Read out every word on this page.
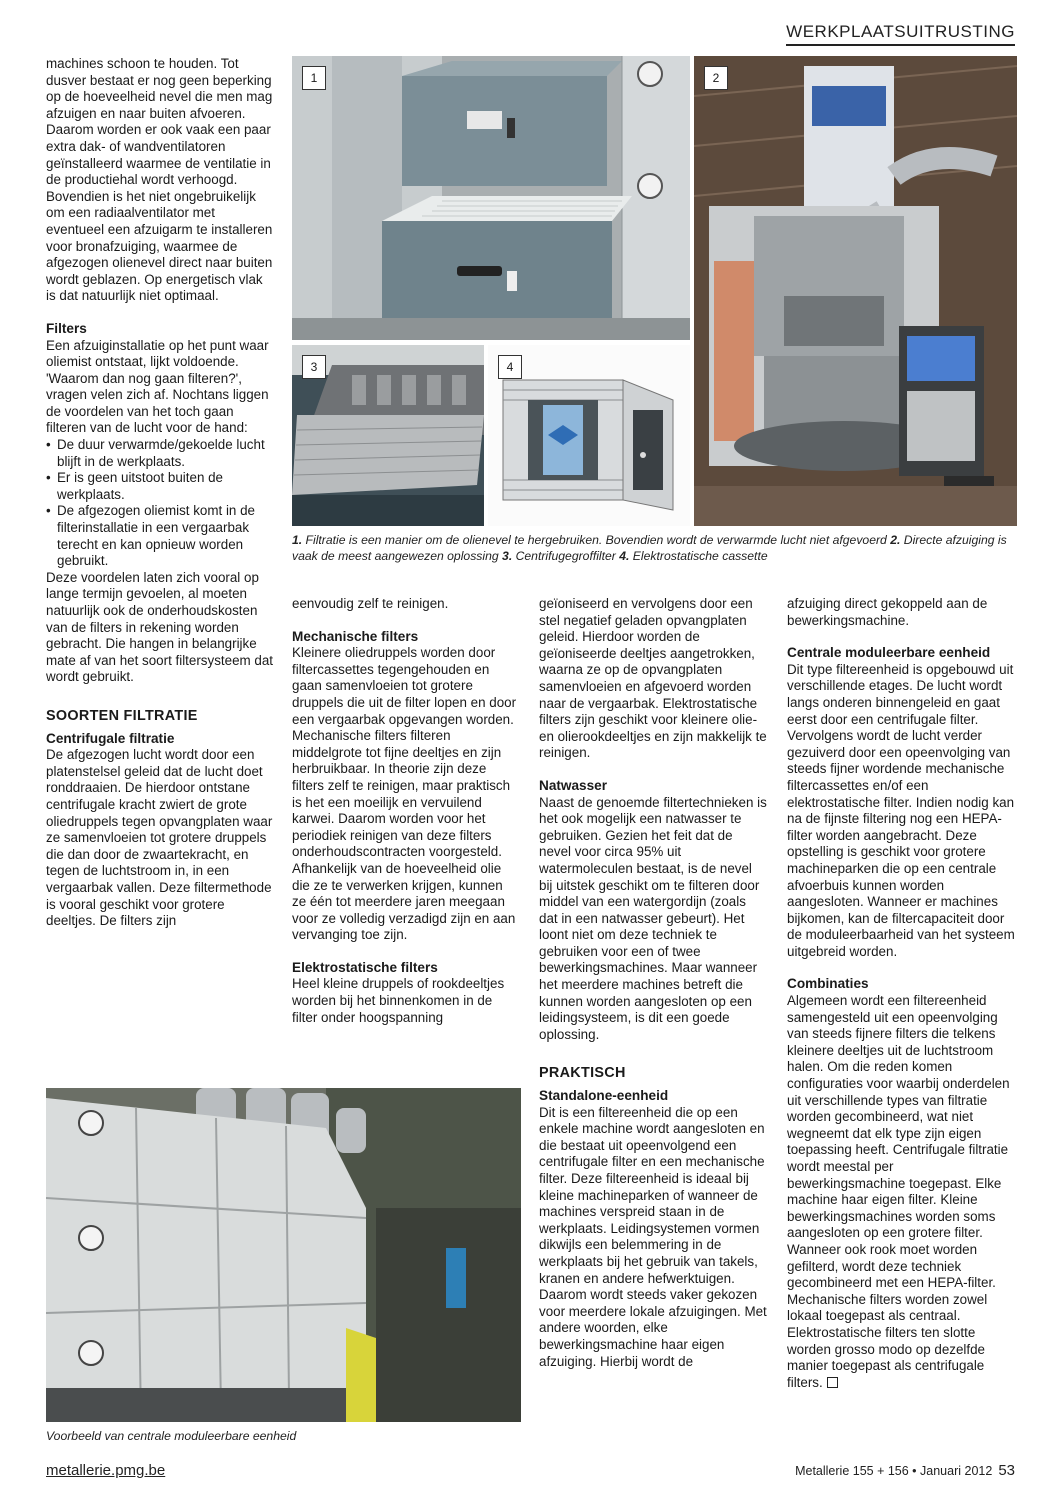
WERKPLAATSUITRUSTING
1	2
3	4
1. Filtratie is een manier om de olienevel te hergebruiken. Bovendien wordt de verwarmde lucht niet afgevoerd 2. Directe afzuiging is vaak de meest aangewezen oplossing 3. Centrifugegroffilter 4. Elektrostatische cassette

machines schoon te houden. Tot dusver bestaat er nog geen beperking op de hoeveelheid nevel die men mag afzuigen en naar buiten afvoeren. Daarom worden er ook vaak een paar extra dak- of wandventilatoren geïnstalleerd waarmee de ventilatie in de productiehal wordt verhoogd. Bovendien is het niet ongebruikelijk om een radiaalventilator met eventueel een afzuigarm te installeren voor bronafzuiging, waarmee de afgezogen olienevel direct naar buiten wordt geblazen. Op energetisch vlak is dat natuurlijk niet optimaal.

Filters

Een afzuiginstallatie op het punt waar oliemist ontstaat, lijkt voldoende. 'Waarom dan nog gaan filteren?', vragen velen zich af. Nochtans liggen de voordelen van het toch gaan filteren van de lucht voor de hand:

• De duur verwarmde/gekoelde lucht blijft in de werkplaats.
• Er is geen uitstoot buiten de werkplaats.
• De afgezogen oliemist komt in de filterinstallatie in een vergaarbak terecht en kan opnieuw worden gebruikt.

Deze voordelen laten zich vooral op lange termijn gevoelen, al moeten natuurlijk ook de onderhoudskosten van de filters in rekening worden gebracht. Die hangen in belangrijke mate af van het soort filtersysteem dat wordt gebruikt.

SOORTEN FILTRATIE
Centrifugale filtratie

De afgezogen lucht wordt door een platenstelsel geleid dat de lucht doet ronddraaien. De hierdoor ontstane centrifugale kracht zwiert de grote oliedruppels tegen opvangplaten waar ze samenvloeien tot grotere druppels die dan door de zwaartekracht, en tegen de luchtstroom in, in een vergaarbak vallen. Deze filtermethode is vooral geschikt voor grotere deeltjes. De filters zijn

eenvoudig zelf te reinigen.

Mechanische filters

Kleinere oliedruppels worden door filtercassettes tegengehouden en gaan samenvloeien tot grotere druppels die uit de filter lopen en door een vergaarbak opgevangen worden. Mechanische filters filteren middelgrote tot fijne deeltjes en zijn herbruikbaar. In theorie zijn deze filters zelf te reinigen, maar praktisch is het een moeilijk en vervuilend karwei. Daarom worden voor het periodiek reinigen van deze filters onderhoudscontracten voorgesteld. Afhankelijk van de hoeveelheid olie die ze te verwerken krijgen, kunnen ze één tot meerdere jaren meegaan voor ze volledig verzadigd zijn en aan vervanging toe zijn.

Elektrostatische filters

Heel kleine druppels of rookdeeltjes worden bij het binnenkomen in de filter onder hoogspanning

geïoniseerd en vervolgens door een stel negatief geladen opvangplaten geleid. Hierdoor worden de geïoniseerde deeltjes aangetrokken, waarna ze op de opvangplaten samenvloeien en afgevoerd worden naar de vergaarbak. Elektrostatische filters zijn geschikt voor kleinere olie- en olierookdeeltjes en zijn makkelijk te reinigen.

Natwasser

Naast de genoemde filtertechnieken is het ook mogelijk een natwasser te gebruiken. Gezien het feit dat de nevel voor circa 95% uit watermoleculen bestaat, is de nevel bij uitstek geschikt om te filteren door middel van een watergordijn (zoals dat in een natwasser gebeurt). Het loont niet om deze techniek te gebruiken voor een of twee bewerkingsmachines. Maar wanneer het meerdere machines betreft die kunnen worden aangesloten op een leidingsysteem, is dit een goede oplossing.

PRAKTISCH
Standalone-eenheid

Dit is een filtereenheid die op een enkele machine wordt aangesloten en die bestaat uit opeenvolgend een centrifugale filter en een mechanische filter. Deze filtereenheid is ideaal bij kleine machineparken of wanneer de machines verspreid staan in de werkplaats. Leidingsystemen vormen dikwijls een belemmering in de werkplaats bij het gebruik van takels, kranen en andere hefwerktuigen. Daarom wordt steeds vaker gekozen voor meerdere lokale afzuigingen. Met andere woorden, elke bewerkingsmachine haar eigen afzuiging. Hierbij wordt de

afzuiging direct gekoppeld aan de bewerkingsmachine.

Centrale moduleerbare eenheid

Dit type filtereenheid is opgebouwd uit verschillende etages. De lucht wordt langs onderen binnengeleid en gaat eerst door een centrifugale filter. Vervolgens wordt de lucht verder gezuiverd door een opeenvolging van steeds fijner wordende mechanische filtercassettes en/of een elektrostatische filter. Indien nodig kan na de fijnste filtering nog een HEPA-filter worden aangebracht. Deze opstelling is geschikt voor grotere machineparken die op een centrale afvoerbuis kunnen worden aangesloten. Wanneer er machines bijkomen, kan de filtercapaciteit door de moduleerbaarheid van het systeem uitgebreid worden.

Combinaties

Algemeen wordt een filtereenheid samengesteld uit een opeenvolging van steeds fijnere filters die telkens kleinere deeltjes uit de luchtstroom halen. Om die reden komen configuraties voor waarbij onderdelen uit verschillende types van filtratie worden gecombineerd, wat niet wegneemt dat elk type zijn eigen toepassing heeft. Centrifugale filtratie wordt meestal per bewerkingsmachine toegepast. Elke machine haar eigen filter. Kleine bewerkingsmachines worden soms aangesloten op een grotere filter. Wanneer ook rook moet worden gefilterd, wordt deze techniek gecombineerd met een HEPA-filter. Mechanische filters worden zowel lokaal toegepast als centraal. Elektrostatische filters ten slotte worden grosso modo op dezelfde manier toegepast als centrifugale filters.

Voorbeeld van centrale moduleerbare eenheid
metallerie.pmg.be	Metallerie 155 + 156 • Januari 2012 53
